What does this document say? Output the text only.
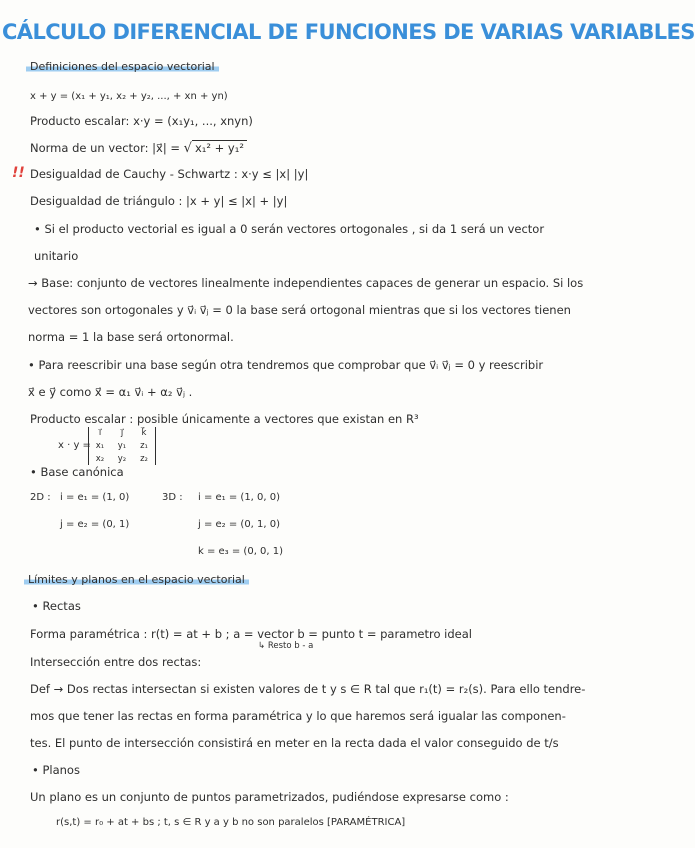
CÁLCULO DIFERENCIAL DE FUNCIONES DE VARIAS VARIABLES
Definiciones del espacio vectorial
x + y = (x₁ + y₁, x₂ + y₂, ..., + xn + yn)
Producto escalar: x·y = (x₁y₁, ..., xnyn)
Norma de un vector: |x⃗| = √ x₁² + y₁²
!! Desigualdad de Cauchy - Schwartz : x·y ≤ |x| |y|
Desigualdad de triángulo : |x + y| ≤ |x| + |y|
• Si el producto vectorial es igual a 0 serán vectores ortogonales , si da 1 será un vector
unitario
→ Base: conjunto de vectores linealmente independientes capaces de generar un espacio. Si los
vectores son ortogonales y v⃗ᵢ v⃗ⱼ = 0 la base será ortogonal mientras que si los vectores tienen
norma = 1 la base será ortonormal.
• Para reescribir una base según otra tendremos que comprobar que v⃗ᵢ v⃗ⱼ = 0 y reescribir
x⃗ e y⃗ como x⃗ = α₁ v⃗ᵢ + α₂ v⃗ⱼ .
Producto escalar : posible únicamente a vectores que existan en R³
x · y =
i⃗	j⃗	k⃗
x₁	y₁	z₁
x₂	y₂	z₂
• Base canónica
2D : i = e₁ = (1, 0)
j = e₂ = (0, 1)
3D : i = e₁ = (1, 0, 0)
j = e₂ = (0, 1, 0)
k = e₃ = (0, 0, 1)
Límites y planos en el espacio vectorial
• Rectas
Forma paramétrica : r(t) = at + b ; a = vector b = punto t = parametro ideal
↳ Resto b - a
Intersección entre dos rectas:
Def → Dos rectas intersectan si existen valores de t y s ∈ R tal que r₁(t) = r₂(s). Para ello tendre-
mos que tener las rectas en forma paramétrica y lo que haremos será igualar las componen-
tes. El punto de intersección consistirá en meter en la recta dada el valor conseguido de t/s
• Planos
Un plano es un conjunto de puntos parametrizados, pudiéndose expresarse como :
r(s,t) = r₀ + at + bs ; t, s ∈ R y a y b no son paralelos [PARAMÉTRICA]
